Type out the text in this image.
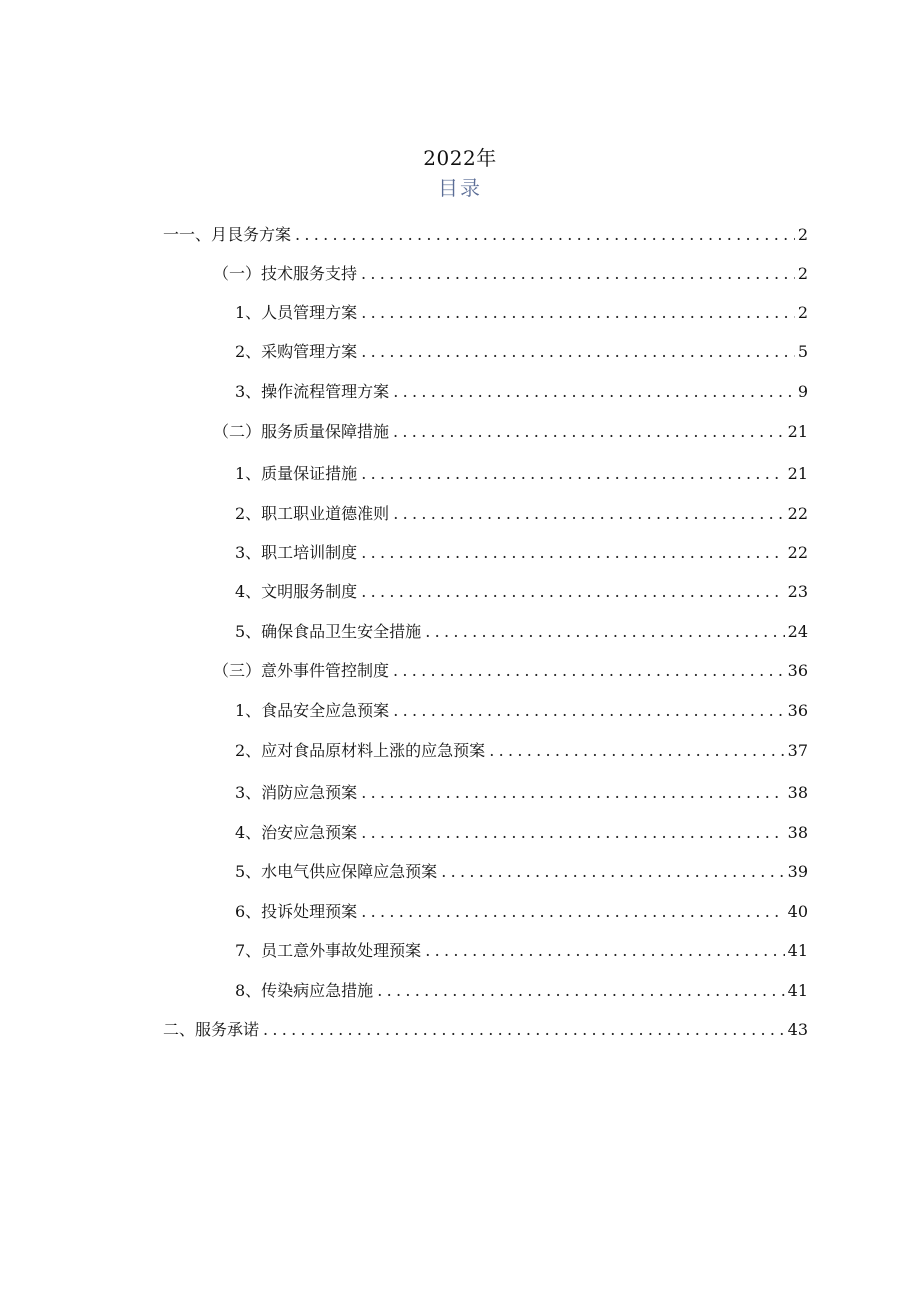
2022年
目录
一一、月艮务方案 .....	2
（一）技术服务支持 .....	2
1、人员管理方案 .....	2
2、采购管理方案 .....	5
3、操作流程管理方案 .....	9
（二）服务质量保障措施 .....	21
1、质量保证措施 .....	21
2、职工职业道德准则 .....	22
3、职工培训制度 .....	22
4、文明服务制度 .....	23
5、确保食品卫生安全措施 .....	24
（三）意外事件管控制度 .....	36
1、食品安全应急预案 .....	36
2、应对食品原材料上涨的应急预案 .....	37
3、消防应急预案 .....	38
4、治安应急预案 .....	38
5、水电气供应保障应急预案 .....	39
6、投诉处理预案 .....	40
7、员工意外事故处理预案 .....	41
8、传染病应急措施 .....	41
二、服务承诺 .....	43
